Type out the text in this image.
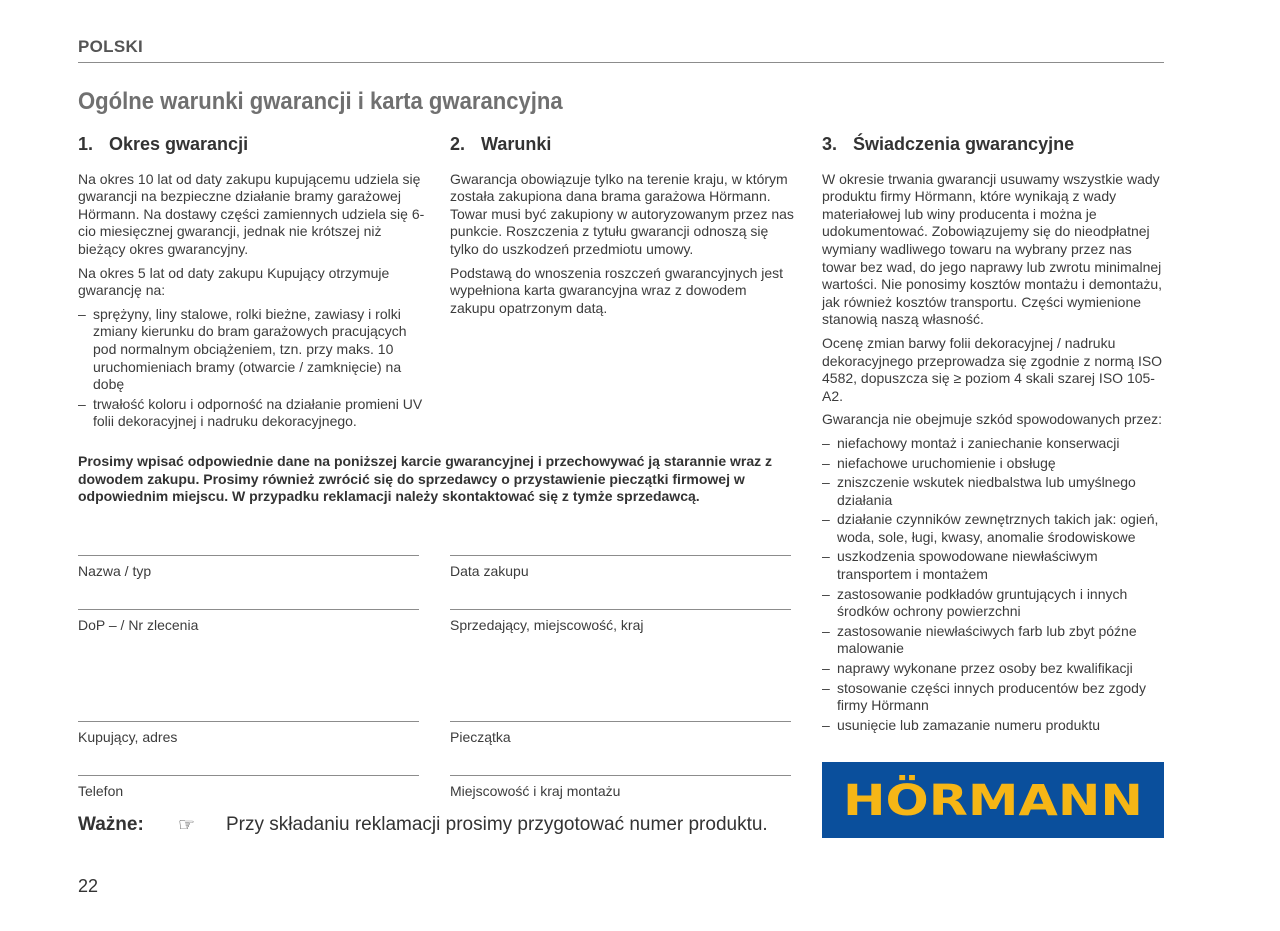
POLSKI
Ogólne warunki gwarancji i karta gwarancyjna
1. Okres gwarancji

Na okres 10 lat od daty zakupu kupującemu udziela się gwarancji na bezpieczne działanie bramy garażowej Hörmann. Na dostawy części zamiennych udziela się 6-cio miesięcznej gwarancji, jednak nie krótszej niż bieżący okres gwarancyjny.

Na okres 5 lat od daty zakupu Kupujący otrzymuje gwarancję na:

– sprężyny, liny stalowe, rolki bieżne, zawiasy i rolki zmiany kierunku do bram garażowych pracujących pod normalnym obciążeniem, tzn. przy maks. 10 uruchomieniach bramy (otwarcie / zamknięcie) na dobę
– trwałość koloru i odporność na działanie promieni UV folii dekoracyjnej i nadruku dekoracyjnego.
2. Warunki

Gwarancja obowiązuje tylko na terenie kraju, w którym została zakupiona dana brama garażowa Hörmann. Towar musi być zakupiony w autoryzowanym przez nas punkcie. Roszczenia z tytułu gwarancji odnoszą się tylko do uszkodzeń przedmiotu umowy.

Podstawą do wnoszenia roszczeń gwarancyjnych jest wypełniona karta gwarancyjna wraz z dowodem zakupu opatrzonym datą.

3. Świadczenia gwarancyjne

W okresie trwania gwarancji usuwamy wszystkie wady produktu firmy Hörmann, które wynikają z wady materiałowej lub winy producenta i można je udokumentować. Zobowiązujemy się do nieodpłatnej wymiany wadliwego towaru na wybrany przez nas towar bez wad, do jego naprawy lub zwrotu minimalnej wartości. Nie ponosimy kosztów montażu i demontażu, jak również kosztów transportu. Części wymienione stanowią naszą własność.

Ocenę zmian barwy folii dekoracyjnej / nadruku dekoracyjnego przeprowadza się zgodnie z normą ISO 4582, dopuszcza się ≥ poziom 4 skali szarej ISO 105-A2.

Gwarancja nie obejmuje szkód spowodowanych przez:

– niefachowy montaż i zaniechanie konserwacji
– niefachowe uruchomienie i obsługę
– zniszczenie wskutek niedbalstwa lub umyślnego działania
– działanie czynników zewnętrznych takich jak: ogień, woda, sole, ługi, kwasy, anomalie środowiskowe
– uszkodzenia spowodowane niewłaściwym transportem i montażem
– zastosowanie podkładów gruntujących i innych środków ochrony powierzchni
– zastosowanie niewłaściwych farb lub zbyt późne malowanie
– naprawy wykonane przez osoby bez kwalifikacji
– stosowanie części innych producentów bez zgody firmy Hörmann
– usunięcie lub zamazanie numeru produktu
Prosimy wpisać odpowiednie dane na poniższej karcie gwarancyjnej i przechowywać ją starannie wraz z dowodem zakupu. Prosimy również zwrócić się do sprzedawcy o przystawienie pieczątki firmowej w odpowiednim miejscu. W przypadku reklamacji należy skontaktować się z tymże sprzedawcą.
Nazwa / typ	Data zakupu
DoP – / Nr zlecenia	Sprzedający, miejscowość, kraj
Kupujący, adres	Pieczątka
Telefon	Miejscowość i kraj montażu
Ważne: ☞ Przy składaniu reklamacji prosimy przygotować numer produktu.
22
HÖRMANN
